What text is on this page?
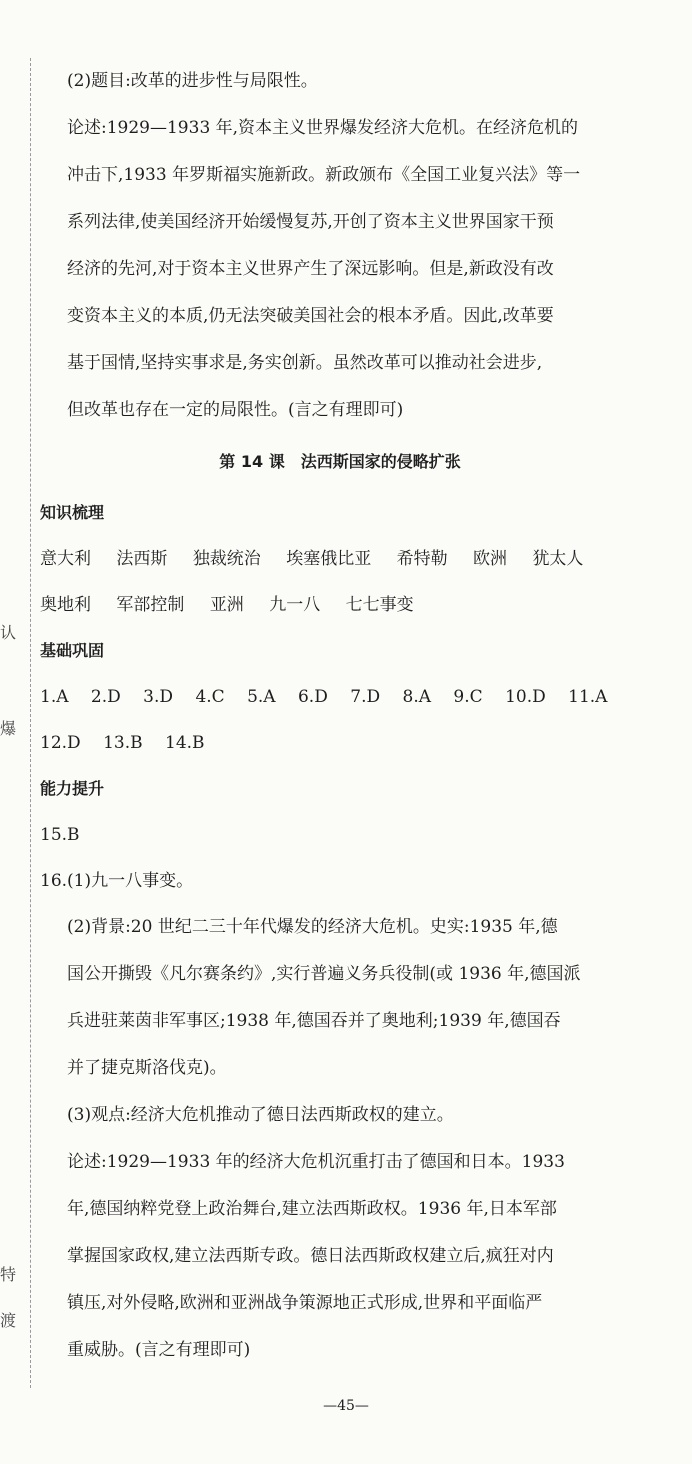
认
爆
特
渡

(2)题目:改革的进步性与局限性。

论述:1929—1933 年,资本主义世界爆发经济大危机。在经济危机的

冲击下,1933 年罗斯福实施新政。新政颁布《全国工业复兴法》等一

系列法律,使美国经济开始缓慢复苏,开创了资本主义世界国家干预

经济的先河,对于资本主义世界产生了深远影响。但是,新政没有改

变资本主义的本质,仍无法突破美国社会的根本矛盾。因此,改革要

基于国情,坚持实事求是,务实创新。虽然改革可以推动社会进步,

但改革也存在一定的局限性。(言之有理即可)

第 14 课　法西斯国家的侵略扩张

知识梳理

意大利 法西斯 独裁统治 埃塞俄比亚 希特勒 欧洲 犹太人

奥地利 军部控制 亚洲 九一八 七七事变

基础巩固

1.A 2.D 3.D 4.C 5.A 6.D 7.D 8.A 9.C 10.D 11.A

12.D 13.B 14.B

能力提升

15.B

16.(1)九一八事变。

(2)背景:20 世纪二三十年代爆发的经济大危机。史实:1935 年,德

国公开撕毁《凡尔赛条约》,实行普遍义务兵役制(或 1936 年,德国派

兵进驻莱茵非军事区;1938 年,德国吞并了奥地利;1939 年,德国吞

并了捷克斯洛伐克)。

(3)观点:经济大危机推动了德日法西斯政权的建立。

论述:1929—1933 年的经济大危机沉重打击了德国和日本。1933

年,德国纳粹党登上政治舞台,建立法西斯政权。1936 年,日本军部

掌握国家政权,建立法西斯专政。德日法西斯政权建立后,疯狂对内

镇压,对外侵略,欧洲和亚洲战争策源地正式形成,世界和平面临严

重威胁。(言之有理即可)

—45—
